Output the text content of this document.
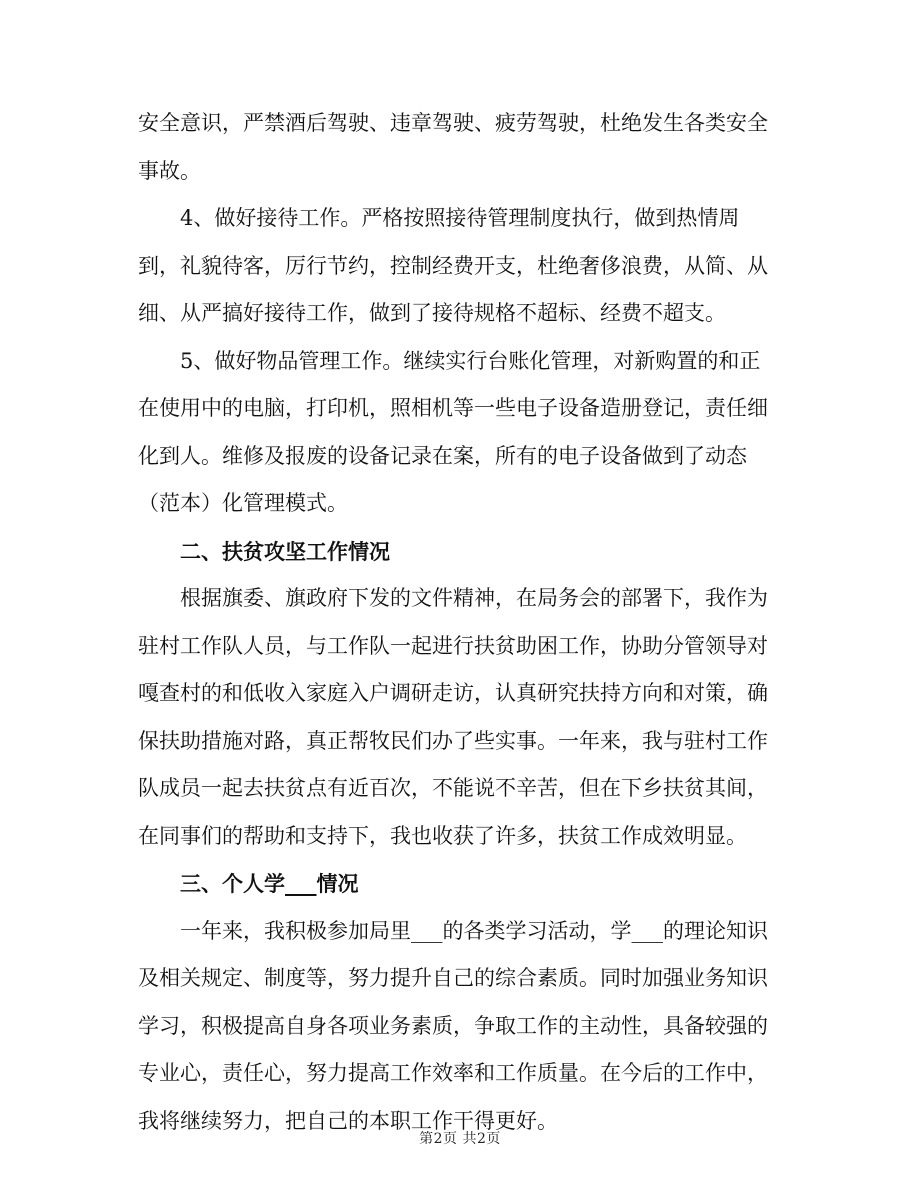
安全意识，严禁酒后驾驶、违章驾驶、疲劳驾驶，杜绝发生各类安全事故。

4、做好接待工作。严格按照接待管理制度执行，做到热情周到，礼貌待客，厉行节约，控制经费开支，杜绝奢侈浪费，从简、从细、从严搞好接待工作，做到了接待规格不超标、经费不超支。

5、做好物品管理工作。继续实行台账化管理，对新购置的和正在使用中的电脑，打印机，照相机等一些电子设备造册登记，责任细化到人。维修及报废的设备记录在案，所有的电子设备做到了动态（范本）化管理模式。

二、扶贫攻坚工作情况

根据旗委、旗政府下发的文件精神，在局务会的部署下，我作为驻村工作队人员，与工作队一起进行扶贫助困工作，协助分管领导对嘎查村的和低收入家庭入户调研走访，认真研究扶持方向和对策，确保扶助措施对路，真正帮牧民们办了些实事。一年来，我与驻村工作队成员一起去扶贫点有近百次，不能说不辛苦，但在下乡扶贫其间，在同事们的帮助和支持下，我也收获了许多，扶贫工作成效明显。

三、个人学___情况

一年来，我积极参加局里___的各类学习活动，学___的理论知识及相关规定、制度等，努力提升自己的综合素质。同时加强业务知识学习，积极提高自身各项业务素质，争取工作的主动性，具备较强的专业心，责任心，努力提高工作效率和工作质量。在今后的工作中，我将继续努力，把自己的本职工作干得更好。

第2页 共2页
